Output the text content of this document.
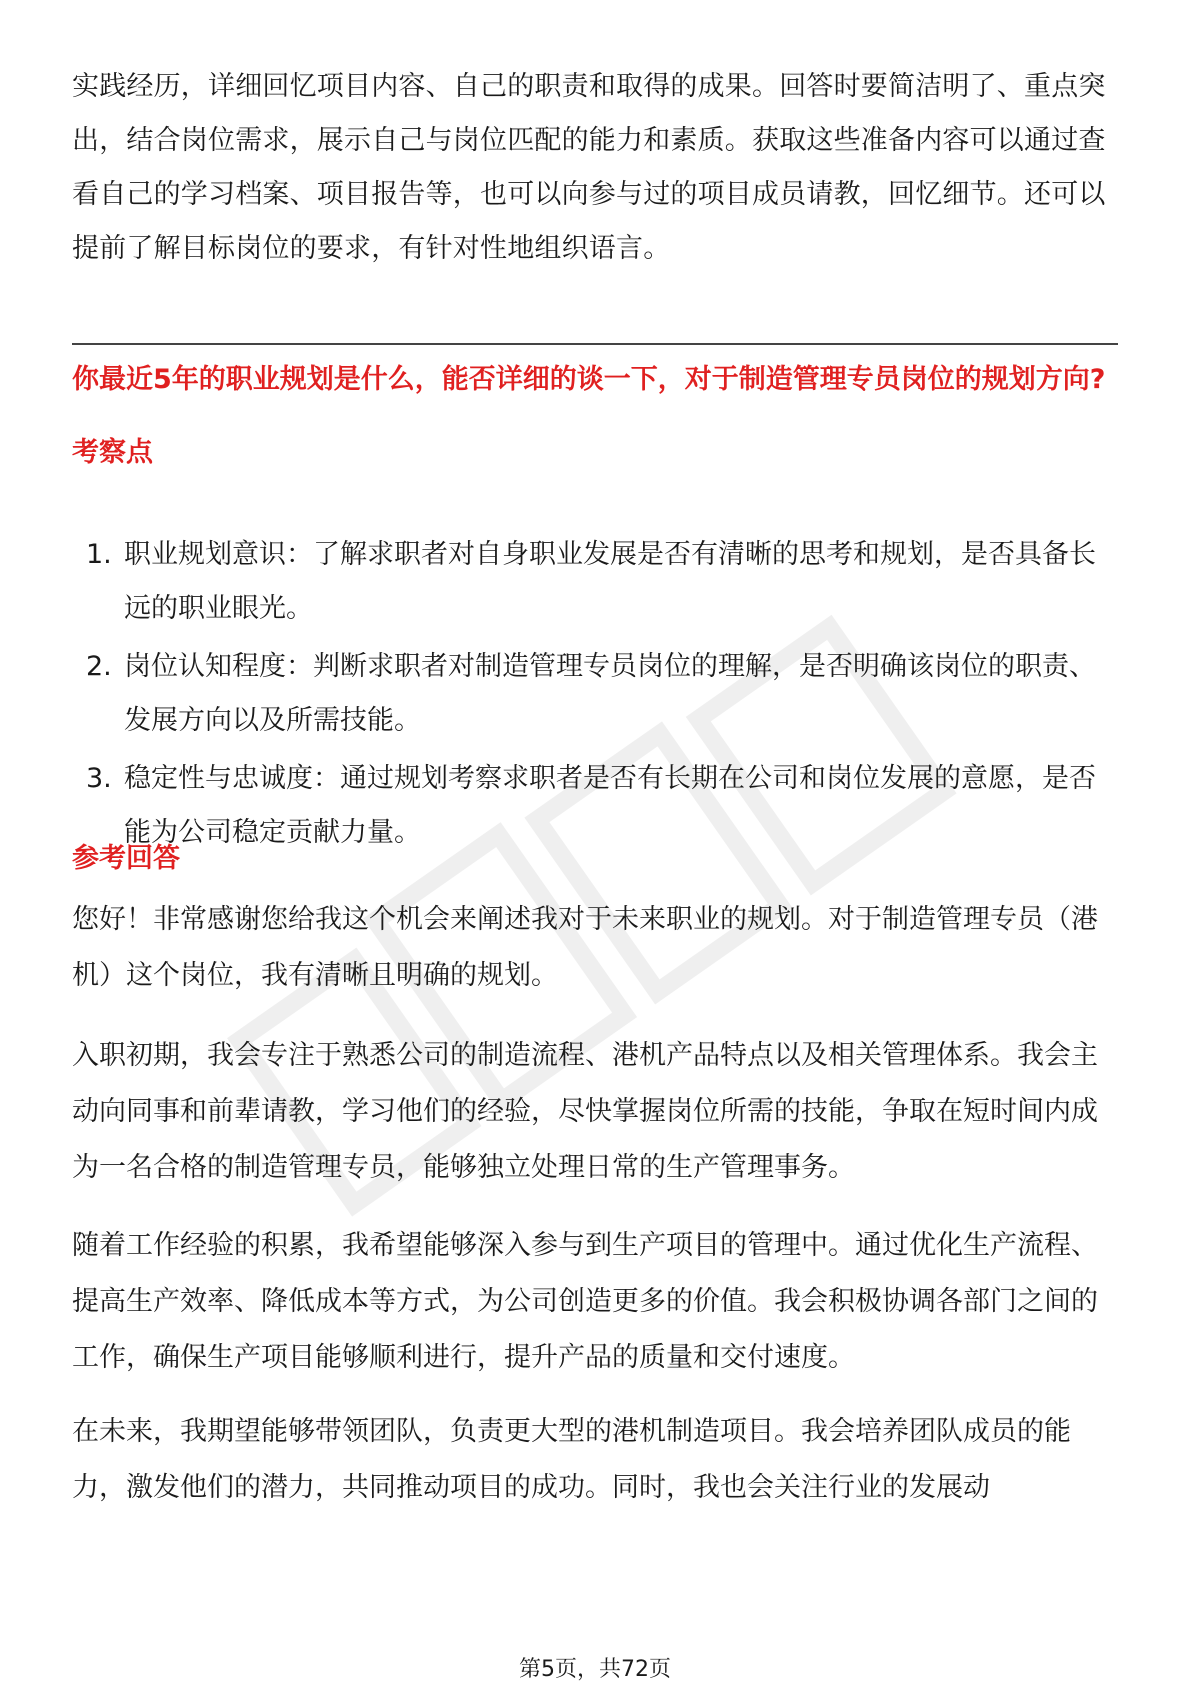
实践经历，详细回忆项目内容、自己的职责和取得的成果。回答时要简洁明了、重点突出，结合岗位需求，展示自己与岗位匹配的能力和素质。获取这些准备内容可以通过查看自己的学习档案、项目报告等，也可以向参与过的项目成员请教，回忆细节。还可以提前了解目标岗位的要求，有针对性地组织语言。

你最近5年的职业规划是什么，能否详细的谈一下，对于制造管理专员岗位的规划方向?

考察点

1. 职业规划意识：了解求职者对自身职业发展是否有清晰的思考和规划，是否具备长远的职业眼光。
2. 岗位认知程度：判断求职者对制造管理专员岗位的理解，是否明确该岗位的职责、发展方向以及所需技能。
3. 稳定性与忠诚度：通过规划考察求职者是否有长期在公司和岗位发展的意愿，是否能为公司稳定贡献力量。

参考回答

您好！非常感谢您给我这个机会来阐述我对于未来职业的规划。对于制造管理专员（港机）这个岗位，我有清晰且明确的规划。

入职初期，我会专注于熟悉公司的制造流程、港机产品特点以及相关管理体系。我会主动向同事和前辈请教，学习他们的经验，尽快掌握岗位所需的技能，争取在短时间内成为一名合格的制造管理专员，能够独立处理日常的生产管理事务。

随着工作经验的积累，我希望能够深入参与到生产项目的管理中。通过优化生产流程、提高生产效率、降低成本等方式，为公司创造更多的价值。我会积极协调各部门之间的工作，确保生产项目能够顺利进行，提升产品的质量和交付速度。

在未来，我期望能够带领团队，负责更大型的港机制造项目。我会培养团队成员的能力，激发他们的潜力，共同推动项目的成功。同时，我也会关注行业的发展动

第5页，共72页
